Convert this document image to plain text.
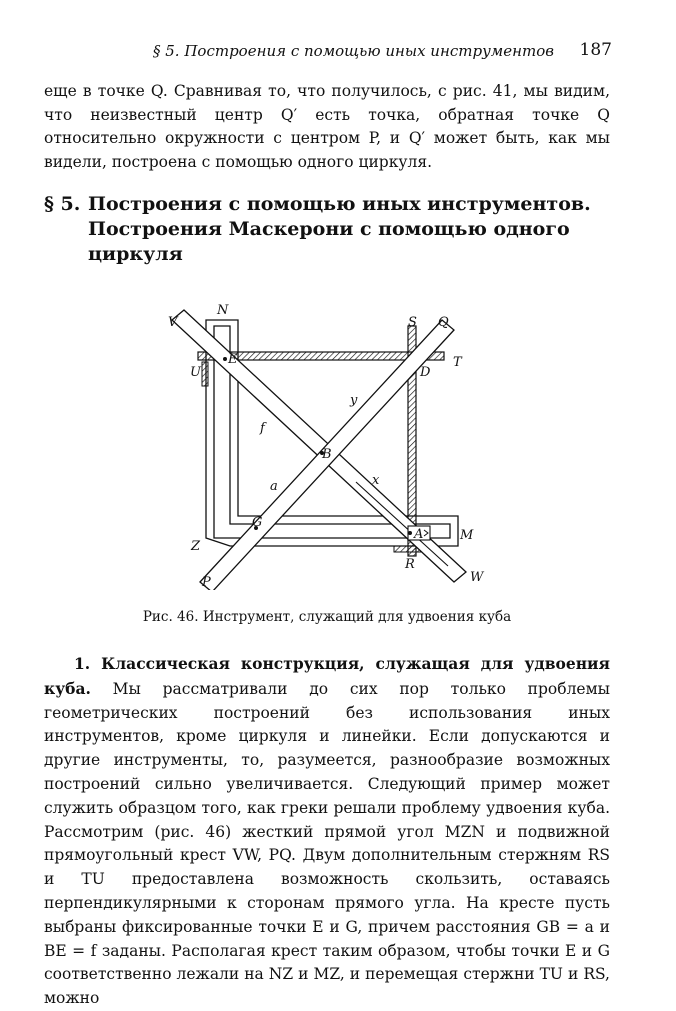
§ 5. Построения с помощью иных инструментов 187

еще в точке Q. Сравнивая то, что получилось, с рис. 41, мы видим, что неизвестный центр Q′ есть точка, обратная точке Q относительно окружности с центром P, и Q′ может быть, как мы видели, построена с помощью одного циркуля.

§ 5. Построения с помощью иных инструментов. Построения Маскерони с помощью одного циркуля
V
N
S Q
E	T
U	D
y
f
B
a	x
G
A	M
Z
R
P	W
Рис. 46. Инструмент, служащий для удвоения куба

1. Классическая конструкция, служащая для удвоения куба. Мы рассматривали до сих пор только проблемы геометрических построений без использования иных инструментов, кроме циркуля и линейки. Если допускаются и другие инструменты, то, разумеется, разнообразие возможных построений сильно увеличивается. Следующий пример может служить образцом того, как греки решали проблему удвоения куба. Рассмотрим (рис. 46) жесткий прямой угол MZN и подвижной прямоугольный крест VW, PQ. Двум дополнительным стержням RS и TU предоставлена возможность скользить, оставаясь перпендикулярными к сторонам прямого угла. На кресте пусть выбраны фиксированные точки E и G, причем расстояния GB = a и BE = f заданы. Располагая крест таким образом, чтобы точки E и G соответственно лежали на NZ и MZ, и перемещая стержни TU и RS, можно
